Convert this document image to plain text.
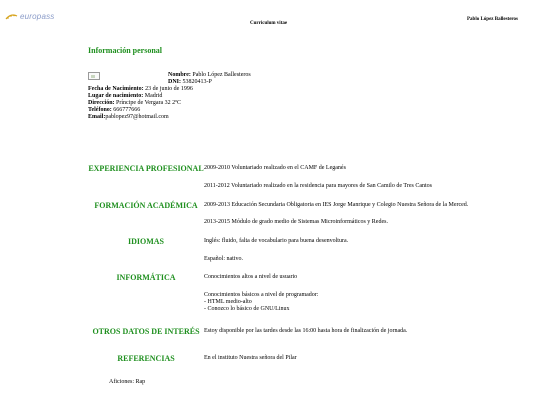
europass
Curriculum vitae
Pablo López Ballesteros
Información personal
Nombre: Pablo López Ballesteros
DNI: 53820413-P
Fecha de Nacimiento: 23 de junio de 1996
Lugar de nacimiento: Madrid
Dirección: Príncipe de Vergara 32 2ºC
Teléfono: 666777666
Email:pablopez97@hotmail.com
EXPERIENCIA PROFESIONAL 2009-2010 Voluntariado realizado en el CAMF de Leganés
2011-2012 Voluntariado realizado en la residencia para mayores de San Camilo de Tres Cantos
FORMACIÓN ACADÉMICA	2009-2013 Educación Secundaria Obligatoria en IES Jorge Manrique y Colegio Nuestra Señora de la Merced.
2013-2015 Módulo de grado medio de Sistemas Microinformáticos y Redes.
IDIOMAS	Inglés: fluido, falta de vocabulario para buena desenvoltura.
Español: nativo.
INFORMÁTICA	Conocimientos altos a nivel de usuario
Conocimientos básicos a nivel de programador:
- HTML medio-alto
- Conozco lo básico de GNU/Linux
OTROS DATOS DE INTERÉS Estoy disponible por las tardes desde las 16:00 hasta hora de finalización de jornada.
REFERENCIAS	En el instituto Nuestra señora del Pilar
Aficiones: Rap
